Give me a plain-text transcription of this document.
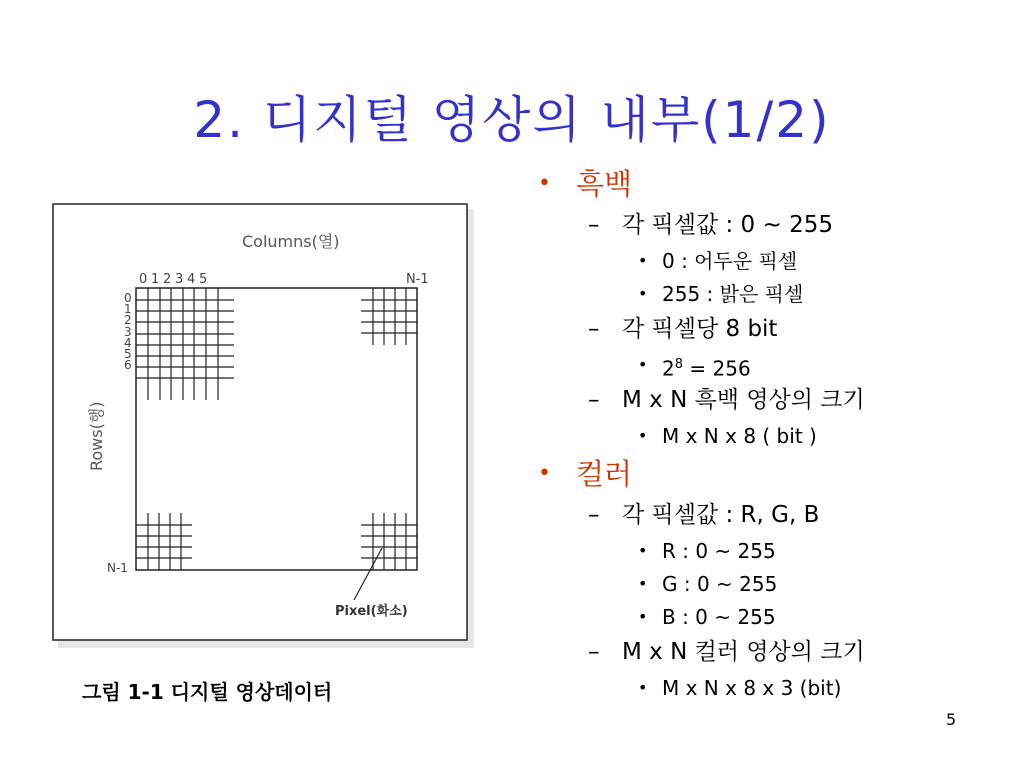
2. 디지털 영상의 내부(1/2)
Columns(열)
0 1 2 3 4 5	N-1
0
1
2
3
4
5
6
N-1
Rows(행)
Pixel(화소)
그림 1-1 디지털 영상데이터
• 흑백
– 각 픽셀값 : 0 ~ 255
• 0 : 어두운 픽셀
• 255 : 밝은 픽셀
– 각 픽셀당 8 bit
• $2^8 = 256$
– M x N 흑백 영상의 크기
• M x N x 8 ( bit )
• 컬러
– 각 픽셀값 : R, G, B
• R : 0 ~ 255
• G : 0 ~ 255
• B : 0 ~ 255
– M x N 컬러 영상의 크기
• M x N x 8 x 3 (bit)
5
